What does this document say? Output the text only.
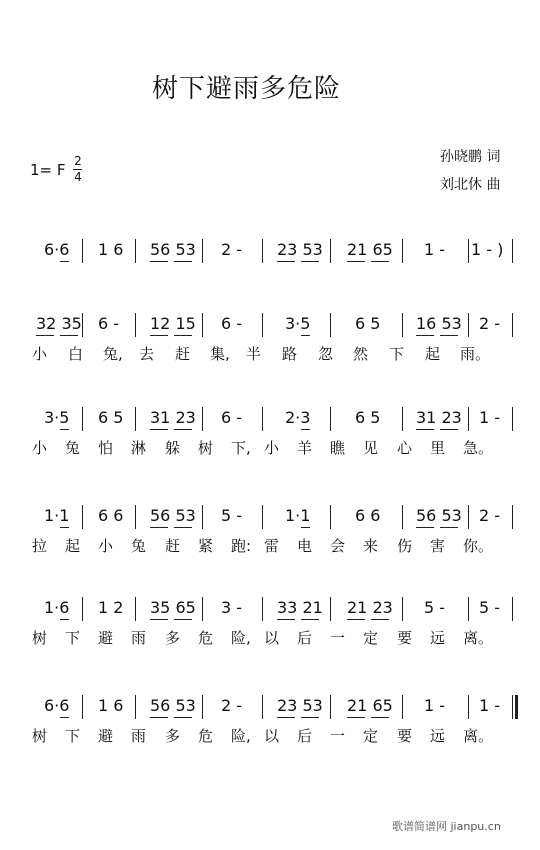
树下避雨多危险
1= F 2
4
孙晓鹏 词
刘北休 曲
6·6 1 6 56 53 2 - 23 53 21 65 1 - 1 - )
32 35 6 - 12 15 6 -	3·5	6 5 16 53 2 -
小 白 兔, 去 赶 集, 半 路 忽 然 下 起 雨。
3·5 6 5 31 23 6 -	2·3	6 5 31 23 1 -
小 兔 怕 淋 躲 树 下, 小 羊 瞧 见 心 里 急。
1·1 6 6 56 53 5 -	1·1	6 6 56 53 2 -
拉 起 小 兔 赶 紧 跑: 雷 电 会 来 伤 害 你。
1·6 1 2 35 65 3 - 33 21 21 23 5 - 5 -
树 下 避 雨 多 危 险, 以 后 一 定 要 远 离。
6·6 1 6 56 53 2 - 23 53 21 65 1 - 1 -
树 下 避 雨 多 危 险, 以 后 一 定 要 远 离。
歌谱简谱网 jianpu.cn
